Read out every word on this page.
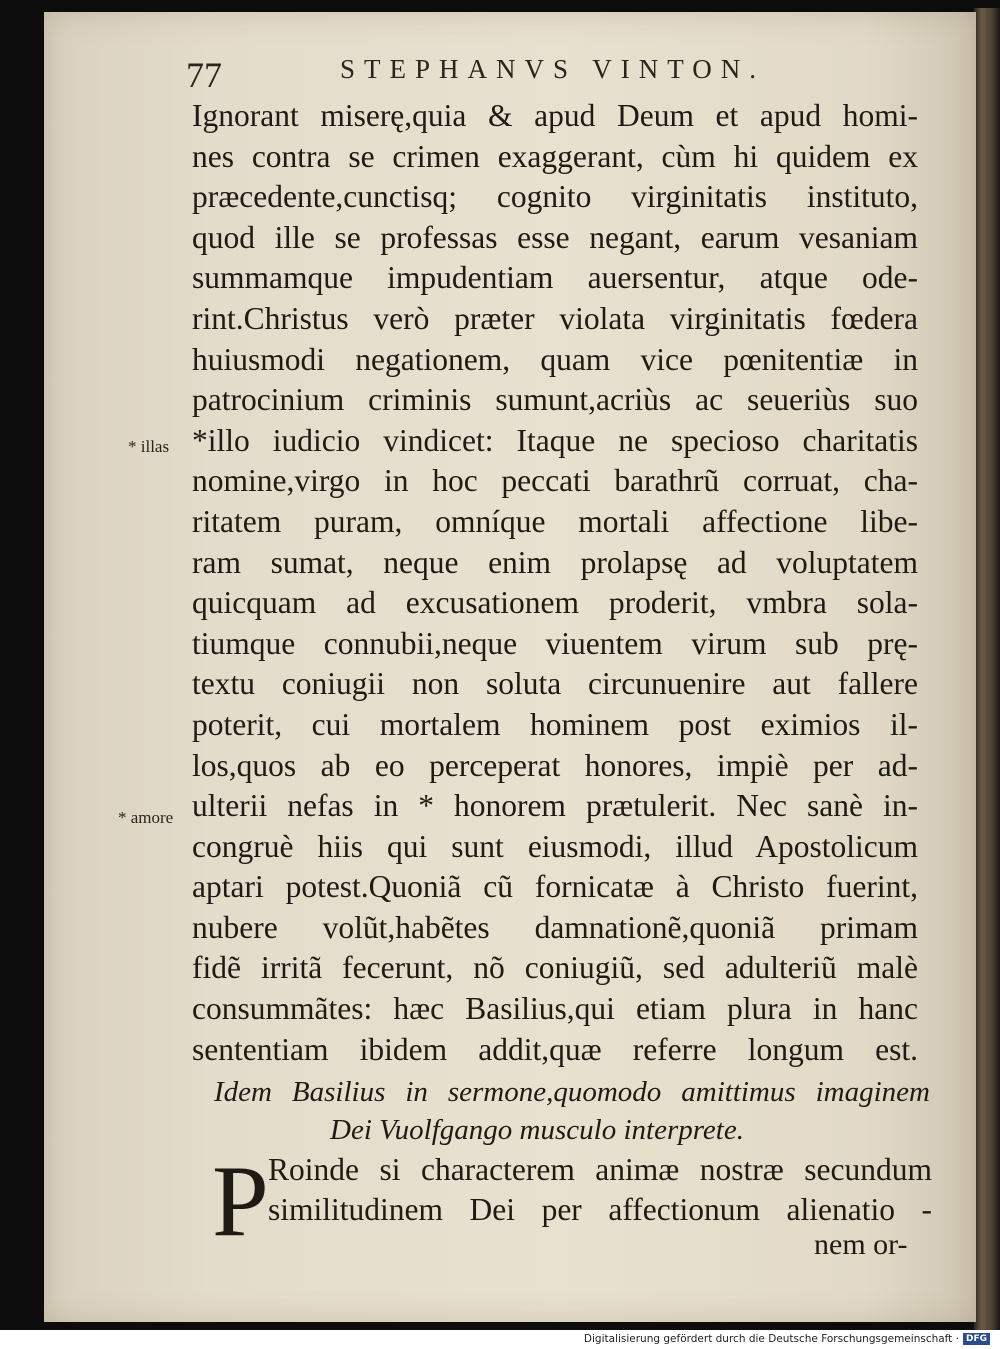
77	STEPHANVS VINTON.
* illas
* amore
Ignorant miserę,quia & apud Deum et apud homi-
nes contra se crimen exaggerant, cùm hi quidem ex
præcedente,cunctisq; cognito virginitatis instituto,
quod ille se professas esse negant, earum vesaniam
summamque impudentiam auersentur, atque ode-
rint.Christus verò præter violata virginitatis fœdera
huiusmodi negationem, quam vice pœnitentiæ in
patrocinium criminis sumunt,acriùs ac seueriùs suo
*illo iudicio vindicet: Itaque ne specioso charitatis
nomine,virgo in hoc peccati barathrũ corruat, cha-
ritatem puram, omníque mortali affectione libe-
ram sumat, neque enim prolapsę ad voluptatem
quicquam ad excusationem proderit, vmbra sola-
tiumque connubii,neque viuentem virum sub prę-
textu coniugii non soluta circunuenire aut fallere
poterit, cui mortalem hominem post eximios il-
los,quos ab eo perceperat honores, impiè per ad-
ulterii nefas in * honorem prætulerit. Nec sanè in-
congruè hiis qui sunt eiusmodi, illud Apostolicum
aptari potest.Quoniã cũ fornicatæ à Christo fuerint,
nubere volũt,habẽtes damnationẽ,quoniã primam
fidẽ irritã fecerunt, nõ coniugiũ, sed adulteriũ malè
consummãtes: hæc Basilius,qui etiam plura in hanc
sententiam ibidem addit,quæ referre longum est.
Idem Basilius in sermone,quomodo amittimus imaginem
Dei Vuolfgango musculo interprete.
P Roinde si characterem animæ nostræ secundum
similitudinem Dei per affectionum alienatio -
nem or-
Digitalisierung gefördert durch die Deutsche Forschungsgemeinschaft · DFG
